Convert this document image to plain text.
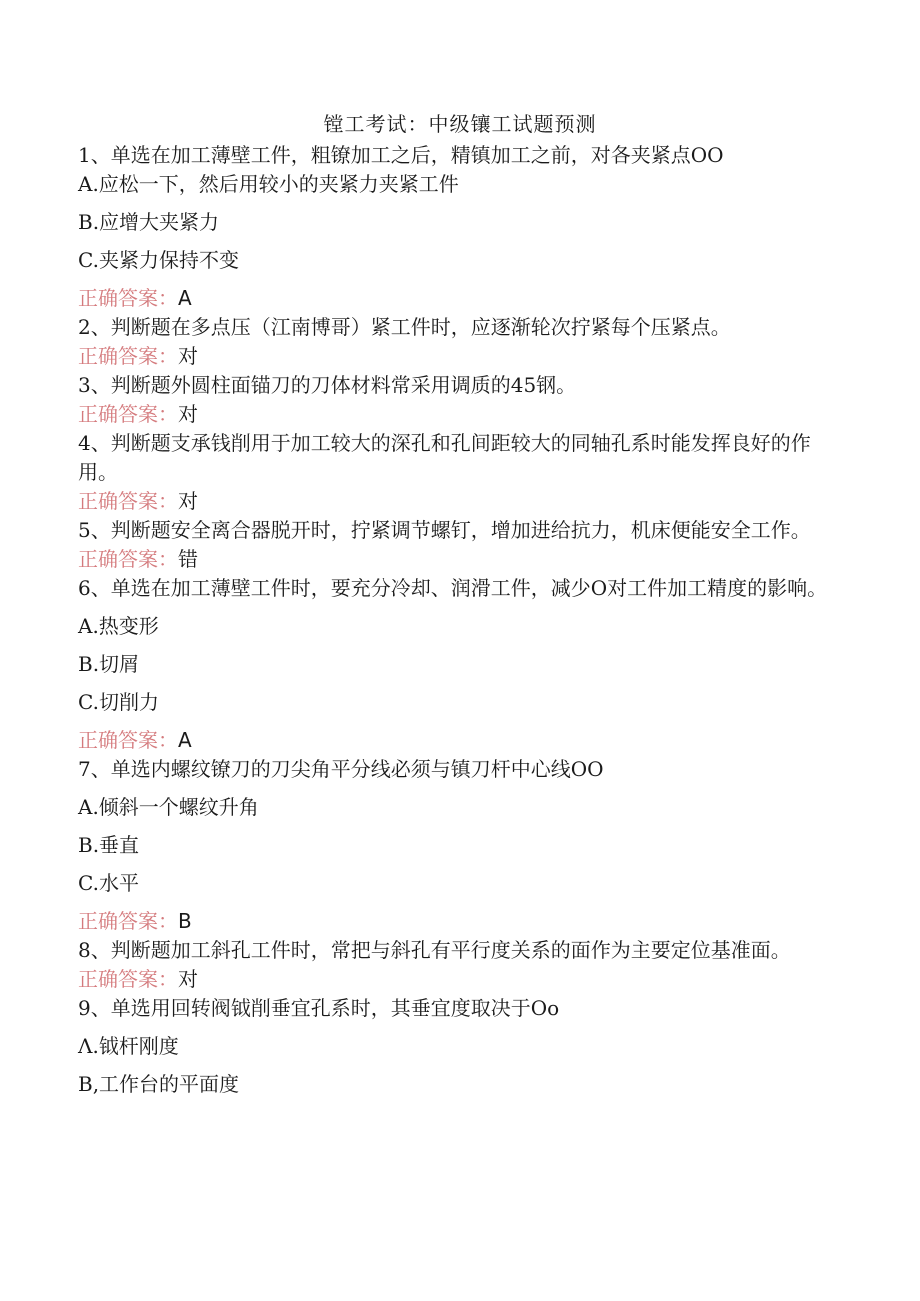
镗工考试：中级镶工试题预测
1、单选在加工薄壁工件，粗镣加工之后，精镇加工之前，对各夹紧点OO
A.应松一下，然后用较小的夹紧力夹紧工件
B.应增大夹紧力
C.夹紧力保持不变
正确答案：A
2、判断题在多点压（江南博哥）紧工件时，应逐渐轮次拧紧每个压紧点。
正确答案：对
3、判断题外圆柱面锚刀的刀体材料常采用调质的45钢。
正确答案：对
4、判断题支承钱削用于加工较大的深孔和孔间距较大的同轴孔系时能发挥良好的作用。
正确答案：对
5、判断题安全离合器脱开时，拧紧调节螺钉，增加进给抗力，机床便能安全工作。
正确答案：错
6、单选在加工薄壁工件时，要充分冷却、润滑工件，减少O对工件加工精度的影响。
A.热变形
B.切屑
C.切削力
正确答案：A
7、单选内螺纹镣刀的刀尖角平分线必须与镇刀杆中心线OO
A.倾斜一个螺纹升角
B.垂直
C.水平
正确答案：B
8、判断题加工斜孔工件时，常把与斜孔有平行度关系的面作为主要定位基准面。
正确答案：对
9、单选用回转阀钺削垂宜孔系时，其垂宜度取决于Oo
Λ.钺杆刚度
B,工作台的平面度
